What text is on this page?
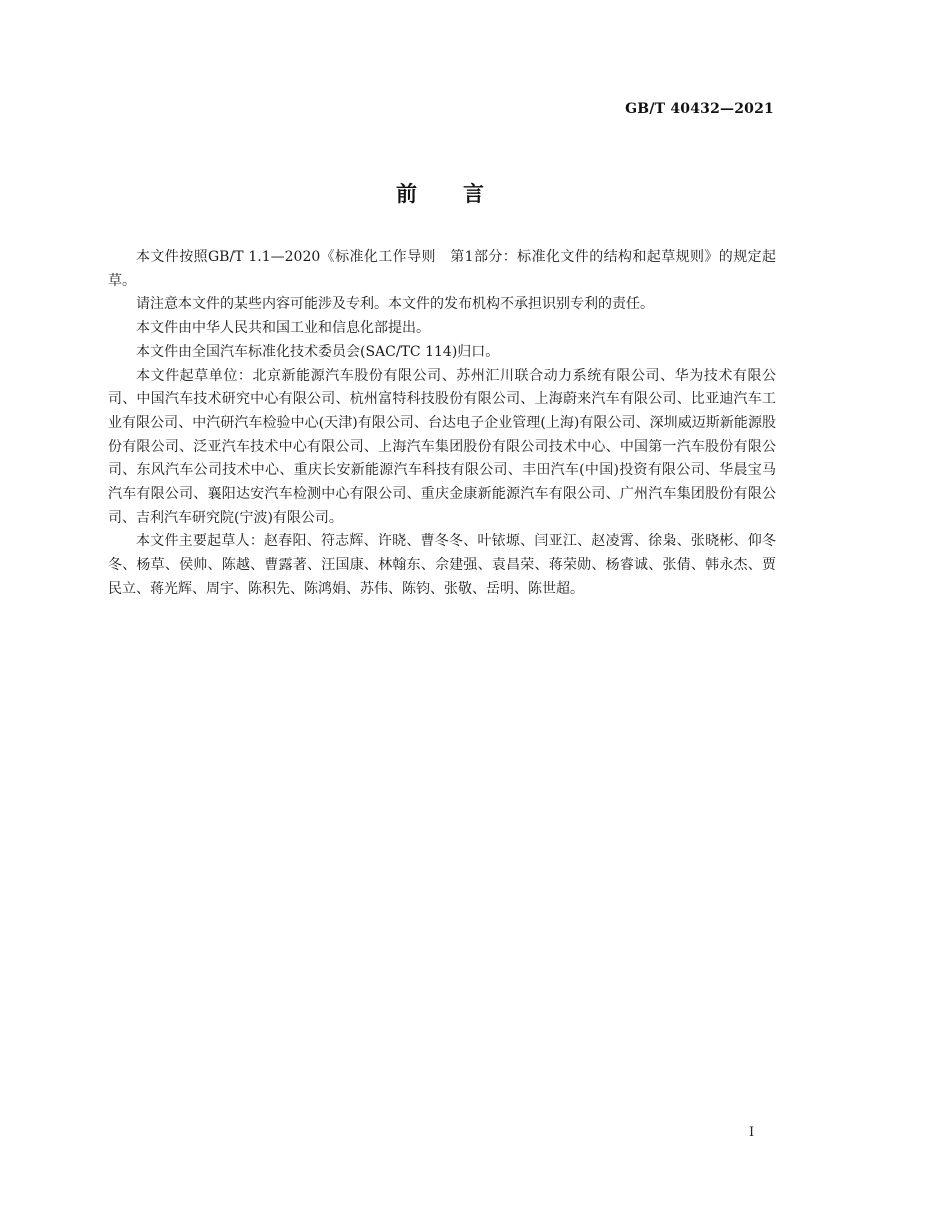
GB/T 40432—2021
前言

本文件按照GB/T 1.1—2020《标准化工作导则　第1部分：标准化文件的结构和起草规则》的规定起草。

请注意本文件的某些内容可能涉及专利。本文件的发布机构不承担识别专利的责任。

本文件由中华人民共和国工业和信息化部提出。

本文件由全国汽车标准化技术委员会(SAC/TC 114)归口。

本文件起草单位：北京新能源汽车股份有限公司、苏州汇川联合动力系统有限公司、华为技术有限公司、中国汽车技术研究中心有限公司、杭州富特科技股份有限公司、上海蔚来汽车有限公司、比亚迪汽车工业有限公司、中汽研汽车检验中心(天津)有限公司、台达电子企业管理(上海)有限公司、深圳威迈斯新能源股份有限公司、泛亚汽车技术中心有限公司、上海汽车集团股份有限公司技术中心、中国第一汽车股份有限公司、东风汽车公司技术中心、重庆长安新能源汽车科技有限公司、丰田汽车(中国)投资有限公司、华晨宝马汽车有限公司、襄阳达安汽车检测中心有限公司、重庆金康新能源汽车有限公司、广州汽车集团股份有限公司、吉利汽车研究院(宁波)有限公司。

本文件主要起草人：赵春阳、符志辉、许晓、曹冬冬、叶铱塬、闫亚江、赵凌霄、徐枭、张晓彬、仰冬冬、杨草、侯帅、陈越、曹露著、汪国康、林翰东、佘建强、袁昌荣、蒋荣勋、杨睿诚、张倩、韩永杰、贾民立、蒋光辉、周宇、陈积先、陈鸿娟、苏伟、陈钧、张敬、岳明、陈世超。

I
